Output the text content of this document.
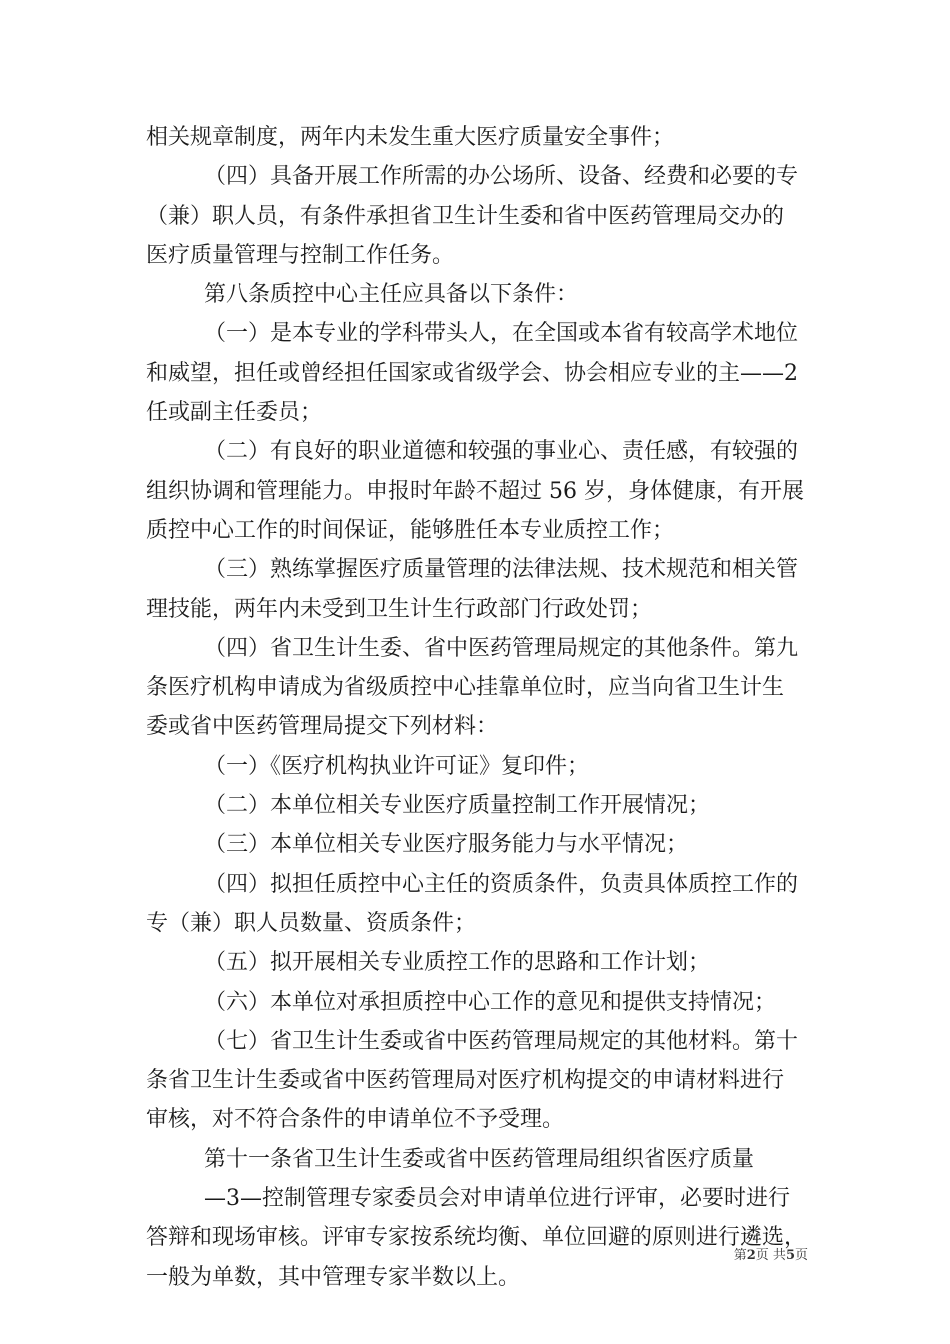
相关规章制度，两年内未发生重大医疗质量安全事件；

（四）具备开展工作所需的办公场所、设备、经费和必要的专

（兼）职人员，有条件承担省卫生计生委和省中医药管理局交办的

医疗质量管理与控制工作任务。

第八条质控中心主任应具备以下条件：

（一）是本专业的学科带头人，在全国或本省有较高学术地位

和威望，担任或曾经担任国家或省级学会、协会相应专业的主——2

任或副主任委员；

（二）有良好的职业道德和较强的事业心、责任感，有较强的

组织协调和管理能力。申报时年龄不超过 56 岁，身体健康，有开展

质控中心工作的时间保证，能够胜任本专业质控工作；

（三）熟练掌握医疗质量管理的法律法规、技术规范和相关管

理技能，两年内未受到卫生计生行政部门行政处罚；

（四）省卫生计生委、省中医药管理局规定的其他条件。第九

条医疗机构申请成为省级质控中心挂靠单位时，应当向省卫生计生

委或省中医药管理局提交下列材料：

（一）《医疗机构执业许可证》复印件；

（二）本单位相关专业医疗质量控制工作开展情况；

（三）本单位相关专业医疗服务能力与水平情况；

（四）拟担任质控中心主任的资质条件，负责具体质控工作的

专（兼）职人员数量、资质条件；

（五）拟开展相关专业质控工作的思路和工作计划；

（六）本单位对承担质控中心工作的意见和提供支持情况；

（七）省卫生计生委或省中医药管理局规定的其他材料。第十

条省卫生计生委或省中医药管理局对医疗机构提交的申请材料进行

审核，对不符合条件的申请单位不予受理。

第十一条省卫生计生委或省中医药管理局组织省医疗质量

—3—控制管理专家委员会对申请单位进行评审，必要时进行

答辩和现场审核。评审专家按系统均衡、单位回避的原则进行遴选，

一般为单数，其中管理专家半数以上。

第2页 共5页
